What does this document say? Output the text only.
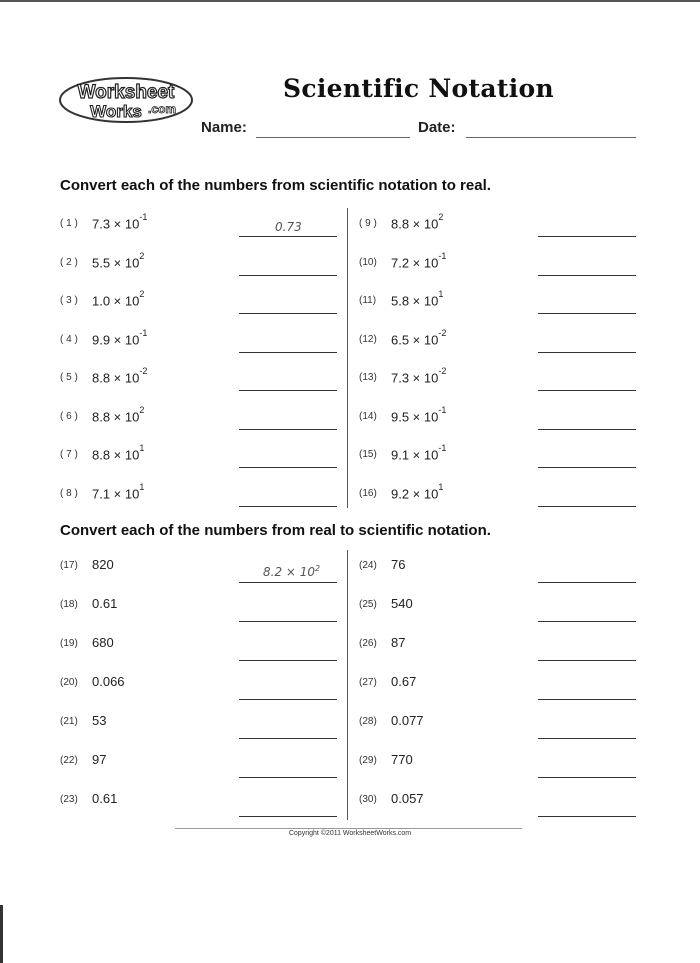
Worksheet
Works .com
Scientific Notation
Name:	Date:
Convert each of the numbers from scientific notation to real.
( 1 ) $7.3 \times 10^{-1}$
0.73
( 2 ) $5.5 \times 10^2$
( 3 ) $1.0 \times 10^2$
( 4 ) $9.9 \times 10^{-1}$
( 5 ) $8.8 \times 10^{-2}$
( 6 ) $8.8 \times 10^2$
( 7 ) $8.8 \times 10^1$
( 8 ) $7.1 \times 10^1$
( 9 ) $8.8 \times 10^2$
(10) $7.2 \times 10^{-1}$
(11) $5.8 \times 10^1$
(12) $6.5 \times 10^{-2}$
(13) $7.3 \times 10^{-2}$
(14) $9.5 \times 10^{-1}$
(15) $9.1 \times 10^{-1}$
(16) $9.2 \times 10^1$
Convert each of the numbers from real to scientific notation.
(17) 820	$8.2 \times 10^2$
(18) 0.61
(19) 680
(20) 0.066
(21) 53
(22) 97
(23) 0.61
(24) 76
(25) 540
(26) 87
(27) 0.67
(28) 0.077
(29) 770
(30) 0.057
Copyright ©2011 WorksheetWorks.com
